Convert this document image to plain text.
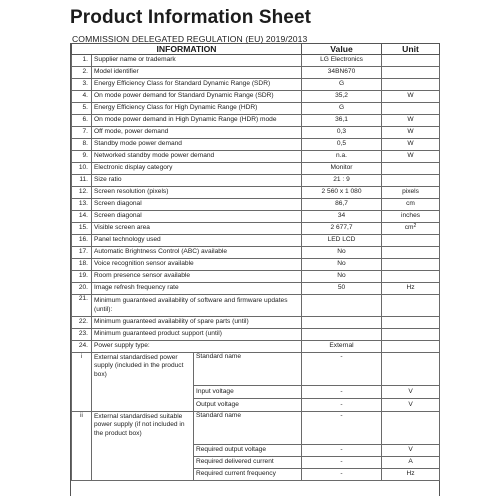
Product Information Sheet
COMMISSION DELEGATED REGULATION (EU) 2019/2013
INFORMATION			Value	Unit
1.	Supplier name or trademark		LG Electronics	
2.	Model identifier		34BN670	
3.	Energy Efficiency Class for Standard Dynamic Range (SDR)		G	
4.	On mode power demand for Standard Dynamic Range (SDR)		35,2	W
5.	Energy Efficiency Class for High Dynamic Range (HDR)		G	
6.	On mode power demand in High Dynamic Range (HDR) mode		36,1	W
7.	Off mode, power demand		0,3	W
8.	Standby mode power demand		0,5	W
9.	Networked standby mode power demand		n.a.	W
10.	Electronic display category		Monitor	
11.	Size ratio		21 : 9	
12.	Screen resolution (pixels)		2 560 x 1 080	pixels
13.	Screen diagonal		86,7	cm
14.	Screen diagonal		34	inches
15.	Visible screen area		2 677,7	$cm^2$
16.	Panel technology used		LED LCD	
17.	Automatic Brightness Control (ABC) available		No	
18.	Voice recognition sensor available		No	
19.	Room presence sensor available		No	
20.	Image refresh frequency rate		50	Hz
21.	Minimum guaranteed availability of software and firmware updates (until):			
22.	Minimum guaranteed availability of spare parts (until)			
23.	Minimum guaranteed product support (until)			
24.	Power supply type:		External	
i	External standardised power supply (included in the product box)	Standard name	-	
		Input voltage	-	V
		Output voltage	-	V
ii	External standardised suitable power supply (if not included in the product box)	Standard name	-	
		Required output voltage	-	V
		Required delivered current	-	A
		Required current frequency	-	Hz
